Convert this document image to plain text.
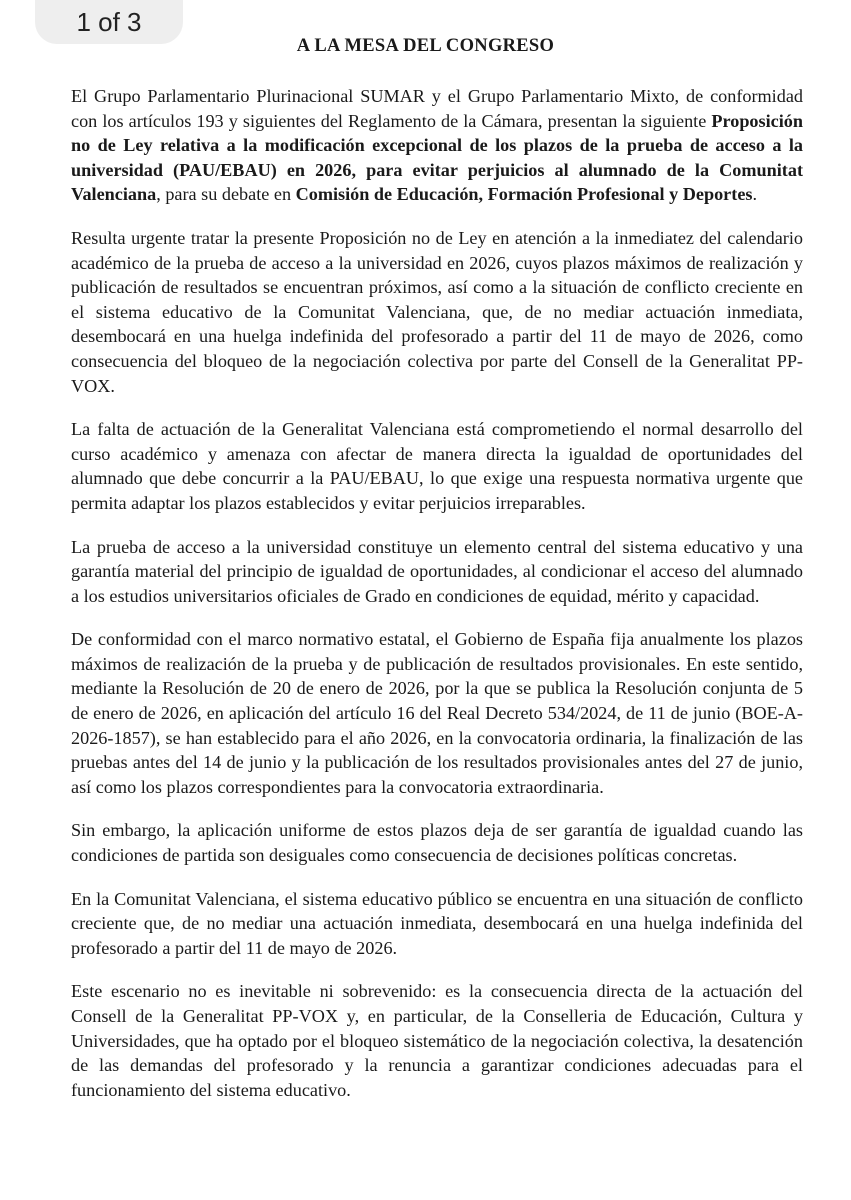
1 of 3
A LA MESA DEL CONGRESO

El Grupo Parlamentario Plurinacional SUMAR y el Grupo Parlamentario Mixto, de conformidad con los artículos 193 y siguientes del Reglamento de la Cámara, presentan la siguiente Proposición no de Ley relativa a la modificación excepcional de los plazos de la prueba de acceso a la universidad (PAU/EBAU) en 2026, para evitar perjuicios al alumnado de la Comunitat Valenciana, para su debate en Comisión de Educación, Formación Profesional y Deportes.

Resulta urgente tratar la presente Proposición no de Ley en atención a la inmediatez del calendario académico de la prueba de acceso a la universidad en 2026, cuyos plazos máximos de realización y publicación de resultados se encuentran próximos, así como a la situación de conflicto creciente en el sistema educativo de la Comunitat Valenciana, que, de no mediar actuación inmediata, desembocará en una huelga indefinida del profesorado a partir del 11 de mayo de 2026, como consecuencia del bloqueo de la negociación colectiva por parte del Consell de la Generalitat PP-VOX.

La falta de actuación de la Generalitat Valenciana está comprometiendo el normal desarrollo del curso académico y amenaza con afectar de manera directa la igualdad de oportunidades del alumnado que debe concurrir a la PAU/EBAU, lo que exige una respuesta normativa urgente que permita adaptar los plazos establecidos y evitar perjuicios irreparables.

La prueba de acceso a la universidad constituye un elemento central del sistema educativo y una garantía material del principio de igualdad de oportunidades, al condicionar el acceso del alumnado a los estudios universitarios oficiales de Grado en condiciones de equidad, mérito y capacidad.

De conformidad con el marco normativo estatal, el Gobierno de España fija anualmente los plazos máximos de realización de la prueba y de publicación de resultados provisionales. En este sentido, mediante la Resolución de 20 de enero de 2026, por la que se publica la Resolución conjunta de 5 de enero de 2026, en aplicación del artículo 16 del Real Decreto 534/2024, de 11 de junio (BOE-A-2026-1857), se han establecido para el año 2026, en la convocatoria ordinaria, la finalización de las pruebas antes del 14 de junio y la publicación de los resultados provisionales antes del 27 de junio, así como los plazos correspondientes para la convocatoria extraordinaria.

Sin embargo, la aplicación uniforme de estos plazos deja de ser garantía de igualdad cuando las condiciones de partida son desiguales como consecuencia de decisiones políticas concretas.

En la Comunitat Valenciana, el sistema educativo público se encuentra en una situación de conflicto creciente que, de no mediar una actuación inmediata, desembocará en una huelga indefinida del profesorado a partir del 11 de mayo de 2026.

Este escenario no es inevitable ni sobrevenido: es la consecuencia directa de la actuación del Consell de la Generalitat PP-VOX y, en particular, de la Conselleria de Educación, Cultura y Universidades, que ha optado por el bloqueo sistemático de la negociación colectiva, la desatención de las demandas del profesorado y la renuncia a garantizar condiciones adecuadas para el funcionamiento del sistema educativo.
